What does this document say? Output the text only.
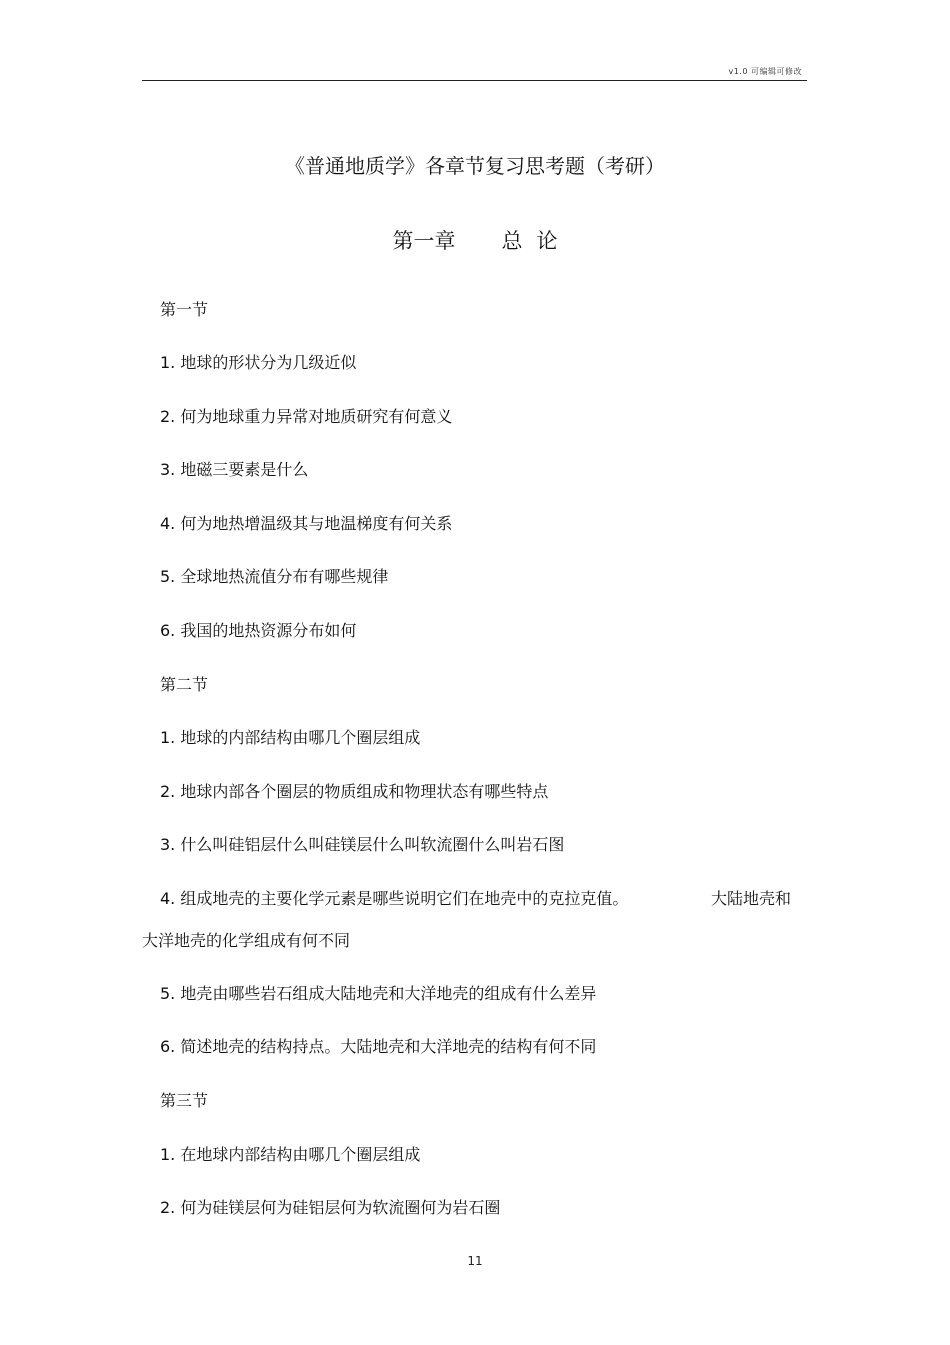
v1.0 可编辑可修改
《普通地质学》各章节复习思考题（考研）
第一章 总 论
第一节
1. 地球的形状分为几级近似
2. 何为地球重力异常对地质研究有何意义
3. 地磁三要素是什么
4. 何为地热增温级其与地温梯度有何关系
5. 全球地热流值分布有哪些规律
6. 我国的地热资源分布如何
第二节
1. 地球的内部结构由哪几个圈层组成
2. 地球内部各个圈层的物质组成和物理状态有哪些特点
3. 什么叫硅铝层什么叫硅镁层什么叫软流圈什么叫岩石图
4. 组成地壳的主要化学元素是哪些说明它们在地壳中的克拉克值。	大陆地壳和
大洋地壳的化学组成有何不同
5. 地壳由哪些岩石组成大陆地壳和大洋地壳的组成有什么差异
6. 简述地壳的结构持点。大陆地壳和大洋地壳的结构有何不同
第三节
1. 在地球内部结构由哪几个圈层组成
2. 何为硅镁层何为硅铝层何为软流圈何为岩石圈
11
